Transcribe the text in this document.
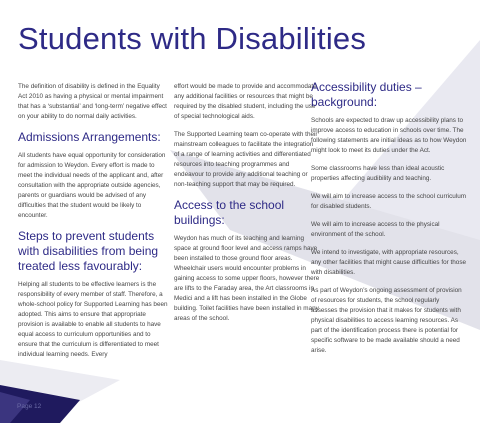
Students with Disabilities

The definition of disability is defined in the Equality Act 2010 as having a physical or mental impairment that has a ‘substantial’ and ‘long-term’ negative effect on your ability to do normal daily activities.

Admissions Arrangements:

All students have equal opportunity for consideration for admission to Weydon. Every effort is made to meet the individual needs of the applicant and, after consultation with the appropriate outside agencies, parents or guardians would be advised of any difficulties that the student would be likely to encounter.

Steps to prevent students with disabilities from being treated less favourably:

Helping all students to be effective learners is the responsibility of every member of staff. Therefore, a whole-school policy for Supported Learning has been adopted. This aims to ensure that appropriate provision is available to enable all students to have equal access to curriculum opportunities and to ensure that the curriculum is differentiated to meet individual learning needs. Every

effort would be made to provide and accommodate any additional facilities or resources that might be required by the disabled student, including the use of special technological aids.

The Supported Learning team co-operate with their mainstream colleagues to facilitate the integration of a range of learning activities and differentiated resources into teaching programmes and endeavour to provide any additional teaching or non-teaching support that may be required.

Access to the school buildings:

Weydon has much of its teaching and learning space at ground floor level and access ramps have been installed to those ground floor areas. Wheelchair users would encounter problems in gaining access to some upper floors, however there are lifts to the Faraday area, the Art classrooms in Medici and a lift has been installed in the Globe building. Toilet facilities have been installed in many areas of the school.

Accessibility duties – background:

Schools are expected to draw up accessibility plans to improve access to education in schools over time. The following statements are initial ideas as to how Weydon might look to meet its duties under the Act.

Some classrooms have less than ideal acoustic properties affecting audibility and teaching.

We will aim to increase access to the school curriculum for disabled students.

We will aim to increase access to the physical environment of the school.

We intend to investigate, with appropriate resources, any other facilities that might cause difficulties for those with disabilities.

As part of Weydon’s ongoing assessment of provision of resources for students, the school regularly assesses the provision that it makes for students with physical disabilities to access learning resources. As part of the identification process there is potential for specific software to be made available should a need arise.

Page 12
